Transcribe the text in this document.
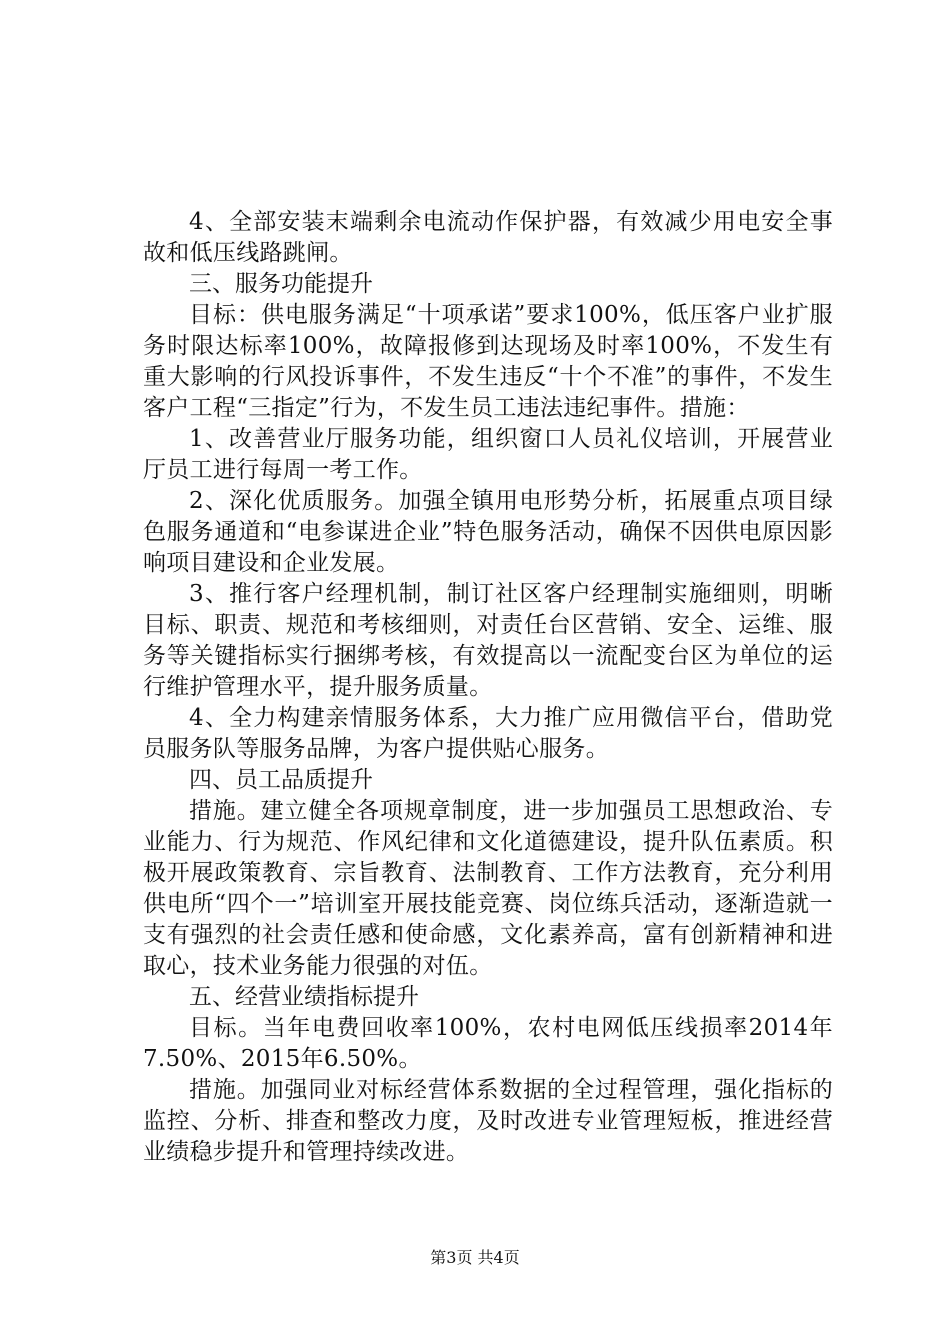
4、全部安装末端剩余电流动作保护器，有效减少用电安全事故和低压线路跳闸。

三、服务功能提升

目标：供电服务满足“十项承诺”要求100%，低压客户业扩服务时限达标率100%，故障报修到达现场及时率100%，不发生有重大影响的行风投诉事件，不发生违反“十个不准”的事件，不发生客户工程“三指定”行为，不发生员工违法违纪事件。措施：

1、改善营业厅服务功能，组织窗口人员礼仪培训，开展营业厅员工进行每周一考工作。

2、深化优质服务。加强全镇用电形势分析，拓展重点项目绿色服务通道和“电参谋进企业”特色服务活动，确保不因供电原因影响项目建设和企业发展。

3、推行客户经理机制，制订社区客户经理制实施细则，明晰目标、职责、规范和考核细则，对责任台区营销、安全、运维、服务等关键指标实行捆绑考核，有效提高以一流配变台区为单位的运行维护管理水平，提升服务质量。

4、全力构建亲情服务体系，大力推广应用微信平台，借助党员服务队等服务品牌，为客户提供贴心服务。

四、员工品质提升

措施。建立健全各项规章制度，进一步加强员工思想政治、专业能力、行为规范、作风纪律和文化道德建设，提升队伍素质。积极开展政策教育、宗旨教育、法制教育、工作方法教育，充分利用供电所“四个一”培训室开展技能竞赛、岗位练兵活动，逐渐造就一支有强烈的社会责任感和使命感，文化素养高，富有创新精神和进取心，技术业务能力很强的对伍。

五、经营业绩指标提升

目标。当年电费回收率100%，农村电网低压线损率2014年7.50%、2015年6.50%。

措施。加强同业对标经营体系数据的全过程管理，强化指标的监控、分析、排查和整改力度，及时改进专业管理短板，推进经营业绩稳步提升和管理持续改进。

第3页 共4页
